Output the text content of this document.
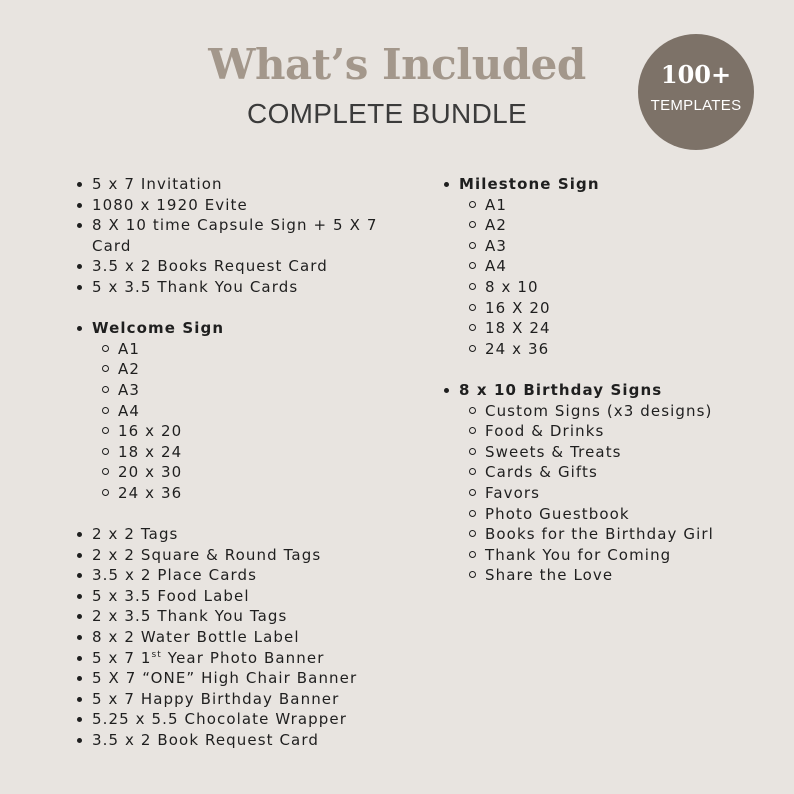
What’s Included
COMPLETE BUNDLE
100+
TEMPLATES
5 x 7 Invitation
1080 x 1920 Evite
8 X 10 time Capsule Sign + 5 X 7
Card
3.5 x 2 Books Request Card
5 x 3.5 Thank You Cards
Welcome Sign
A1
A2
A3
A4
16 x 20
18 x 24
20 x 30
24 x 36
2 x 2 Tags
2 x 2 Square & Round Tags
3.5 x 2 Place Cards
5 x 3.5 Food Label
2 x 3.5 Thank You Tags
8 x 2 Water Bottle Label
5 x 7 1st Year Photo Banner
5 X 7 “ONE” High Chair Banner
5 x 7 Happy Birthday Banner
5.25 x 5.5 Chocolate Wrapper
3.5 x 2 Book Request Card
Milestone Sign
A1
A2
A3
A4
8 x 10
16 X 20
18 X 24
24 x 36
8 x 10 Birthday Signs
Custom Signs (x3 designs)
Food & Drinks
Sweets & Treats
Cards & Gifts
Favors
Photo Guestbook
Books for the Birthday Girl
Thank You for Coming
Share the Love
